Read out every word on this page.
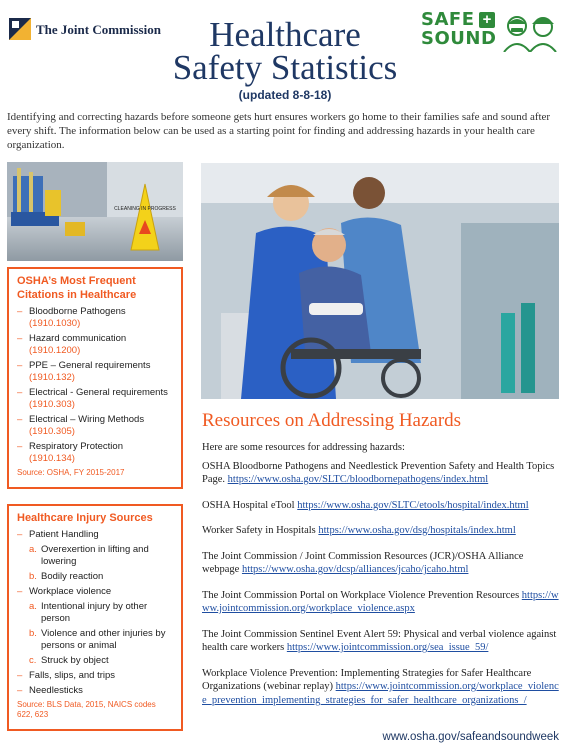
The Joint Commission	Healthcare
Safety Statistics
(updated 8-8-18)
SAFE
SOUND
+

Identifying and correcting hazards before someone gets hurt ensures workers go home to their families safe and sound after every shift. The information below can be used as a starting point for finding and addressing hazards in your health care organization.

CLEANING IN PROGRESS
OSHA’s Most Frequent Citations in Healthcare
– Bloodborne Pathogens
(1910.1030)
– Hazard communication
(1910.1200)
– PPE – General requirements
(1910.132)
– Electrical - General requirements
(1910.303)
– Electrical – Wiring Methods
(1910.305)
– Respiratory Protection
(1910.134)
Source: OSHA, FY 2015-2017
Healthcare Injury Sources
– Patient Handling
a. Overexertion in lifting and lowering
b. Bodily reaction
– Workplace violence
a. Intentional injury by other person
b. Violence and other injuries by persons or animal
c. Struck by object
– Falls, slips, and trips
– Needlesticks
Source: BLS Data, 2015, NAICS codes 622, 623
Resources on Addressing Hazards

Here are some resources for addressing hazards:

OSHA Bloodborne Pathogens and Needlestick Prevention Safety and Health Topics Page. https://www.osha.gov/SLTC/bloodbornepathogens/index.html

OSHA Hospital eTool https://www.osha.gov/SLTC/etools/hospital/index.html

Worker Safety in Hospitals https://www.osha.gov/dsg/hospitals/index.html

The Joint Commission / Joint Commission Resources (JCR)/OSHA Alliance webpage https://www.osha.gov/dcsp/alliances/jcaho/jcaho.html

The Joint Commission Portal on Workplace Violence Prevention Resources https://www.jointcommission.org/workplace_violence.aspx

The Joint Commission Sentinel Event Alert 59: Physical and verbal violence against health care workers https://www.jointcommission.org/sea_issue_59/

Workplace Violence Prevention: Implementing Strategies for Safer Healthcare Organizations (webinar replay) https://www.jointcommission.org/workplace_violence_prevention_implementing_strategies_for_safer_healthcare_organizations_/

www.osha.gov/safeandsoundweek
